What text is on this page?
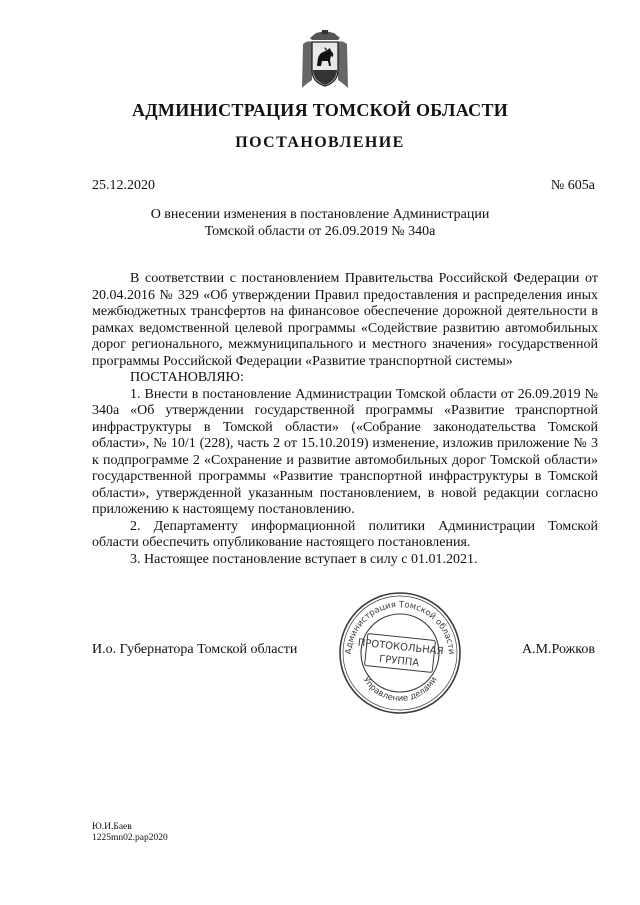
АДМИНИСТРАЦИЯ ТОМСКОЙ ОБЛАСТИ
ПОСТАНОВЛЕНИЕ
25.12.2020	№ 605а
О внесении изменения в постановление Администрации
Томской области от 26.09.2019 № 340а

В соответствии с постановлением Правительства Российской Федерации от 20.04.2016 № 329 «Об утверждении Правил предоставления и распределения иных межбюджетных трансфертов на финансовое обеспечение дорожной деятельности в рамках ведомственной целевой программы «Содействие развитию автомобильных дорог регионального, межмуниципального и местного значения» государственной программы Российской Федерации «Развитие транспортной системы»

ПОСТАНОВЛЯЮ:

1. Внести в постановление Администрации Томской области от 26.09.2019 № 340а «Об утверждении государственной программы «Развитие транспортной инфраструктуры в Томской области» («Собрание законодательства Томской области», № 10/1 (228), часть 2 от 15.10.2019) изменение, изложив приложение № 3 к подпрограмме 2 «Сохранение и развитие автомобильных дорог Томской области» государственной программы «Развитие транспортной инфраструктуры в Томской области», утвержденной указанным постановлением, в новой редакции согласно приложению к настоящему постановлению.

2. Департаменту информационной политики Администрации Томской области обеспечить опубликование настоящего постановления.

3. Настоящее постановление вступает в силу с 01.01.2021.

И.о. Губернатора Томской области	А.М.Рожков
Администрация Томской области
Управление делами
ПРОТОКОЛЬНАЯ
ГРУППА
Ю.И.Баев
1225mn02.pap2020
